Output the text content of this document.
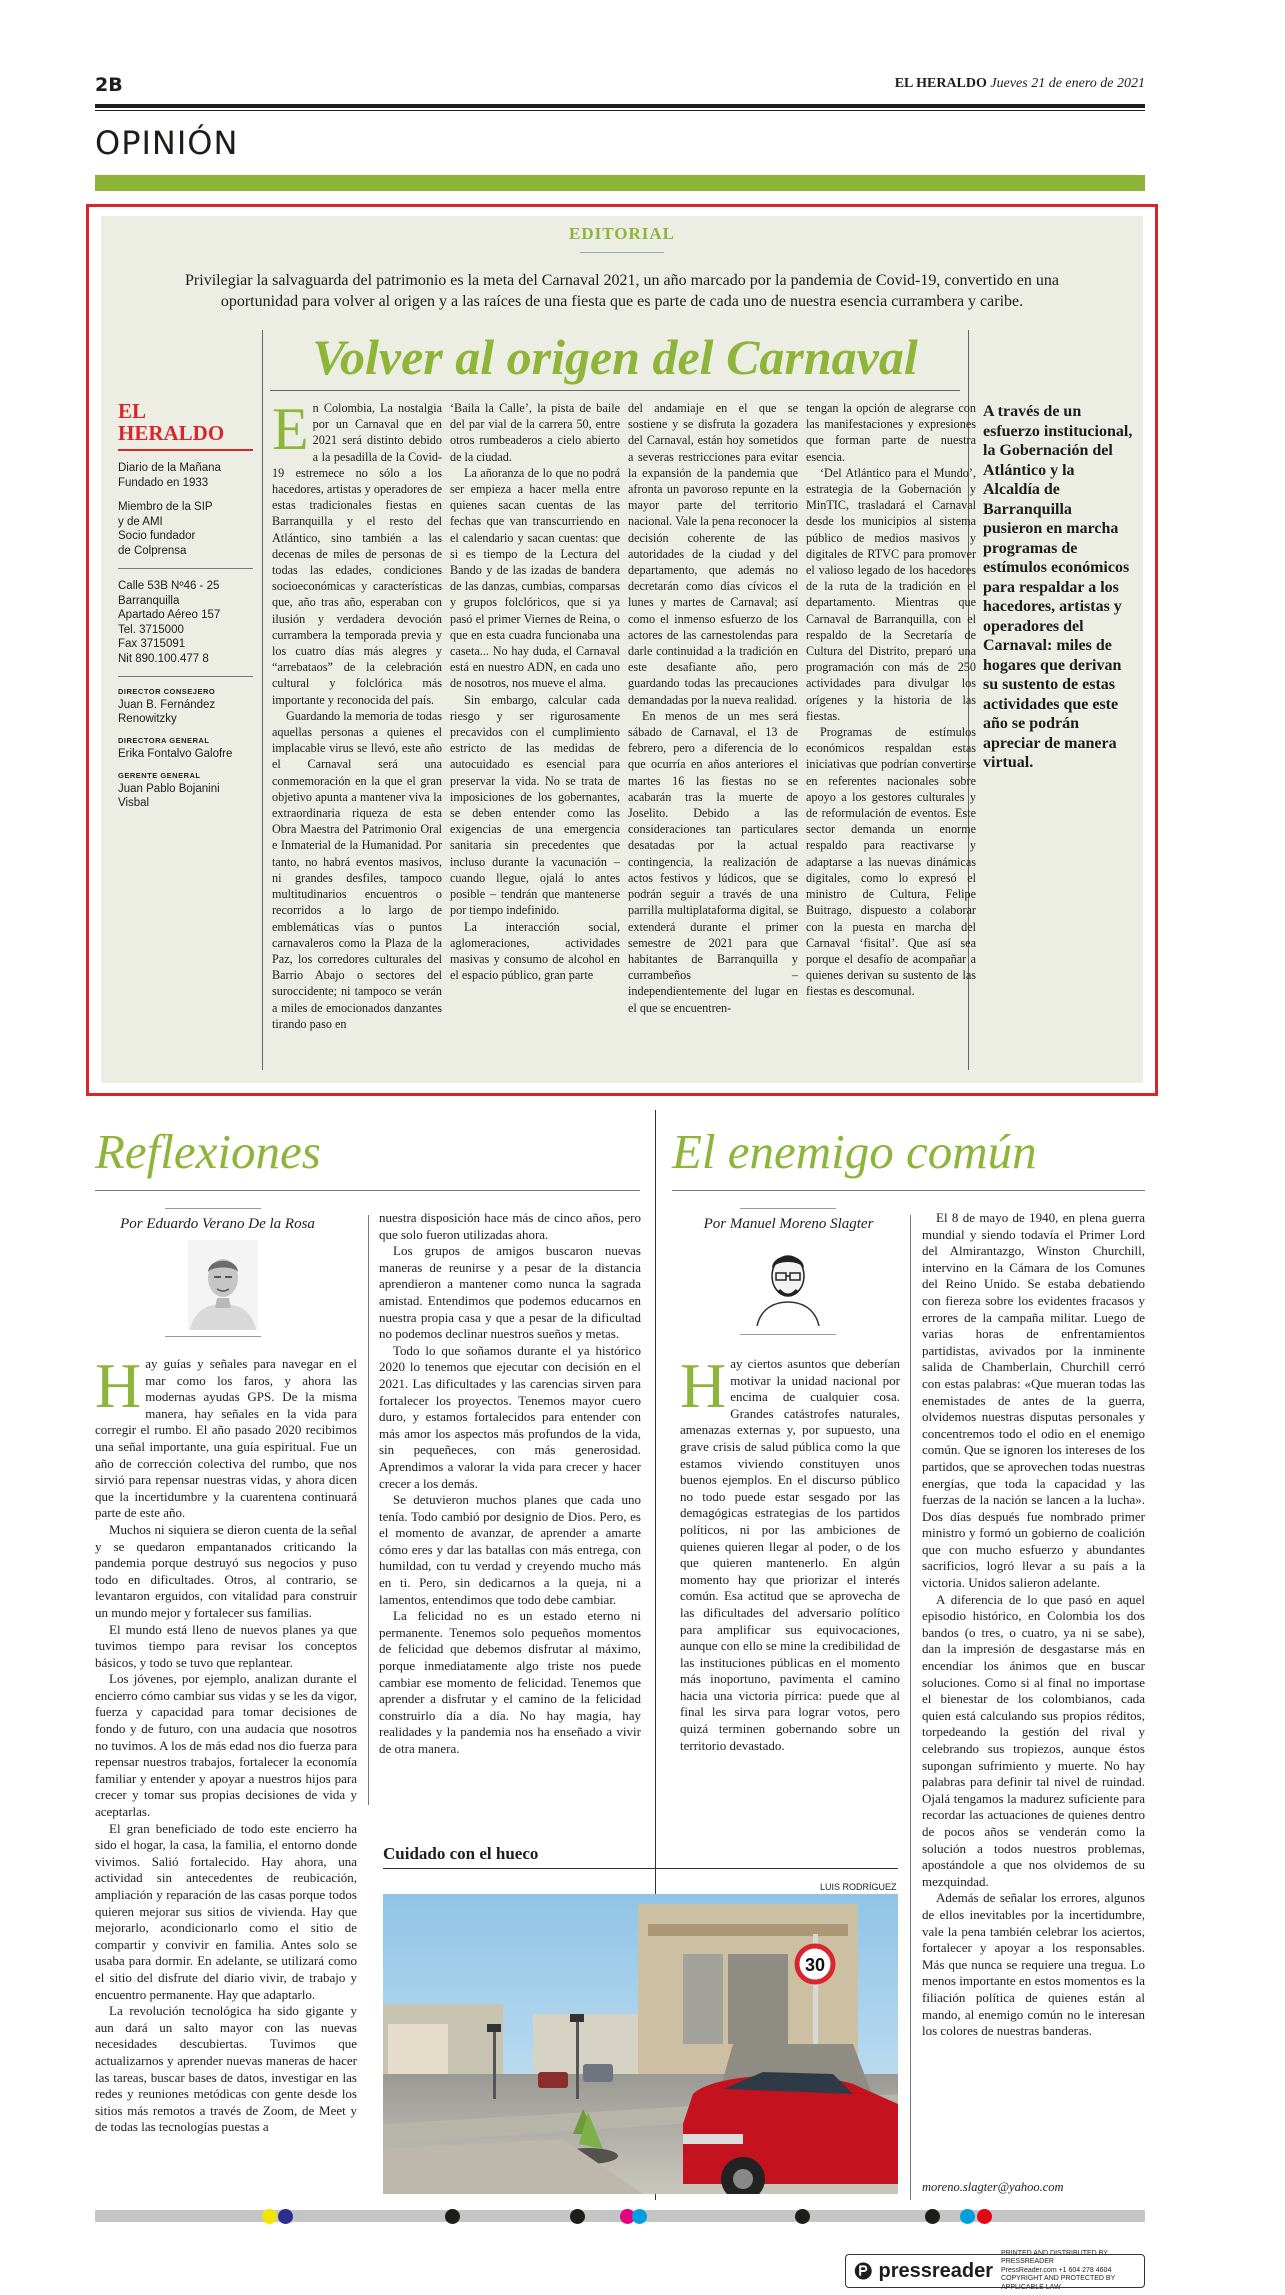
2B	EL HERALDO Jueves 21 de enero de 2021
OPINIÓN
EDITORIAL
Privilegiar la salvaguarda del patrimonio es la meta del Carnaval 2021, un año marcado por la pandemia de Covid-19, convertido en una oportunidad para volver al origen y a las raíces de una fiesta que es parte de cada uno de nuestra esencia currambera y caribe.
Volver al origen del Carnaval
EL HERALDO
Diario de la Mañana
Fundado en 1933
Miembro de la SIP
y de AMI
Socio fundador
de Colprensa
Calle 53B Nº46 - 25
Barranquilla
Apartado Aéreo 157
Tel. 3715000
Fax 3715091
Nit 890.100.477 8
DIRECTOR CONSEJERO
Juan B. Fernández Renowitzky
DIRECTORA GENERAL
Erika Fontalvo Galofre
GERENTE GENERAL
Juan Pablo Bojanini Visbal

En Colombia, La nostalgia por un Carnaval que en 2021 será distinto debido a la pesadilla de la Covid-19 estremece no sólo a los hacedores, artistas y operadores de estas tradicionales fiestas en Barranquilla y el resto del Atlántico, sino también a las decenas de miles de personas de todas las edades, condiciones socioeconómicas y características que, año tras año, esperaban con ilusión y verdadera devoción currambera la temporada previa y los cuatro días más alegres y “arrebataos” de la celebración cultural y folclórica más importante y reconocida del país.

Guardando la memoria de todas aquellas personas a quienes el implacable virus se llevó, este año el Carnaval será una conmemoración en la que el gran objetivo apunta a mantener viva la extraordinaria riqueza de esta Obra Maestra del Patrimonio Oral e Inmaterial de la Humanidad. Por tanto, no habrá eventos masivos, ni grandes desfiles, tampoco multitudinarios encuentros o recorridos a lo largo de emblemáticas vías o puntos carnavaleros como la Plaza de la Paz, los corredores culturales del Barrio Abajo o sectores del suroccidente; ni tampoco se verán a miles de emocionados danzantes tirando paso en

‘Baila la Calle’, la pista de baile del par vial de la carrera 50, entre otros rumbeaderos a cielo abierto de la ciudad.

La añoranza de lo que no podrá ser empieza a hacer mella entre quienes sacan cuentas de las fechas que van transcurriendo en el calendario y sacan cuentas: que si es tiempo de la Lectura del Bando y de las izadas de bandera de las danzas, cumbias, comparsas y grupos folclóricos, que si ya pasó el primer Viernes de Reina, o que en esta cuadra funcionaba una caseta... No hay duda, el Carnaval está en nuestro ADN, en cada uno de nosotros, nos mueve el alma.

Sin embargo, calcular cada riesgo y ser rigurosamente precavidos con el cumplimiento estricto de las medidas de autocuidado es esencial para preservar la vida. No se trata de imposiciones de los gobernantes, se deben entender como las exigencias de una emergencia sanitaria sin precedentes que incluso durante la vacunación – cuando llegue, ojalá lo antes posible – tendrán que mantenerse por tiempo indefinido.

La interacción social, aglomeraciones, actividades masivas y consumo de alcohol en el espacio público, gran parte

del andamiaje en el que se sostiene y se disfruta la gozadera del Carnaval, están hoy sometidos a severas restricciones para evitar la expansión de la pandemia que afronta un pavoroso repunte en la mayor parte del territorio nacional. Vale la pena reconocer la decisión coherente de las autoridades de la ciudad y del departamento, que además no decretarán como días cívicos el lunes y martes de Carnaval; así como el inmenso esfuerzo de los actores de las carnestolendas para darle continuidad a la tradición en este desafiante año, pero guardando todas las precauciones demandadas por la nueva realidad.

En menos de un mes será sábado de Carnaval, el 13 de febrero, pero a diferencia de lo que ocurría en años anteriores el martes 16 las fiestas no se acabarán tras la muerte de Joselito. Debido a las consideraciones tan particulares desatadas por la actual contingencia, la realización de actos festivos y lúdicos, que se podrán seguir a través de una parrilla multiplataforma digital, se extenderá durante el primer semestre de 2021 para que habitantes de Barranquilla y currambeños – independientemente del lugar en el que se encuentren-

tengan la opción de alegrarse con las manifestaciones y expresiones que forman parte de nuestra esencia.

‘Del Atlántico para el Mundo’, estrategia de la Gobernación y MinTIC, trasladará el Carnaval desde los municipios al sistema público de medios masivos y digitales de RTVC para promover el valioso legado de los hacedores de la ruta de la tradición en el departamento. Mientras que Carnaval de Barranquilla, con el respaldo de la Secretaría de Cultura del Distrito, preparó una programación con más de 250 actividades para divulgar los orígenes y la historia de las fiestas.

Programas de estímulos económicos respaldan estas iniciativas que podrían convertirse en referentes nacionales sobre apoyo a los gestores culturales y de reformulación de eventos. Este sector demanda un enorme respaldo para reactivarse y adaptarse a las nuevas dinámicas digitales, como lo expresó el ministro de Cultura, Felipe Buitrago, dispuesto a colaborar con la puesta en marcha del Carnaval ‘fisital’. Que así sea porque el desafío de acompañar a quienes derivan su sustento de las fiestas es descomunal.

A través de un esfuerzo institucional, la Gobernación del Atlántico y la Alcaldía de Barranquilla pusieron en marcha programas de estímulos económicos para respaldar a los hacedores, artistas y operadores del Carnaval: miles de hogares que derivan su sustento de estas actividades que este año se podrán apreciar de manera virtual.
Reflexiones
Por Eduardo Verano De la Rosa

Hay guías y señales para navegar en el mar como los faros, y ahora las modernas ayudas GPS. De la misma manera, hay señales en la vida para corregir el rumbo. El año pasado 2020 recibimos una señal importante, una guía espiritual. Fue un año de corrección colectiva del rumbo, que nos sirvió para repensar nuestras vidas, y ahora dicen que la incertidumbre y la cuarentena continuará parte de este año.

Muchos ni siquiera se dieron cuenta de la señal y se quedaron empantanados criticando la pandemia porque destruyó sus negocios y puso todo en dificultades. Otros, al contrario, se levantaron erguidos, con vitalidad para construir un mundo mejor y fortalecer sus familias.

El mundo está lleno de nuevos planes ya que tuvimos tiempo para revisar los conceptos básicos, y todo se tuvo que replantear.

Los jóvenes, por ejemplo, analizan durante el encierro cómo cambiar sus vidas y se les da vigor, fuerza y capacidad para tomar decisiones de fondo y de futuro, con una audacia que nosotros no tuvimos. A los de más edad nos dio fuerza para repensar nuestros trabajos, fortalecer la economía familiar y entender y apoyar a nuestros hijos para crecer y tomar sus propias decisiones de vida y aceptarlas.

El gran beneficiado de todo este encierro ha sido el hogar, la casa, la familia, el entorno donde vivimos. Salió fortalecido. Hay ahora, una actividad sin antecedentes de reubicación, ampliación y reparación de las casas porque todos quieren mejorar sus sitios de vivienda. Hay que mejorarlo, acondicionarlo como el sitio de compartir y convivir en familia. Antes solo se usaba para dormir. En adelante, se utilizará como el sitio del disfrute del diario vivir, de trabajo y encuentro permanente. Hay que adaptarlo.

La revolución tecnológica ha sido gigante y aun dará un salto mayor con las nuevas necesidades descubiertas. Tuvimos que actualizarnos y aprender nuevas maneras de hacer las tareas, buscar bases de datos, investigar en las redes y reuniones metódicas con gente desde los sitios más remotos a través de Zoom, de Meet y de todas las tecnologías puestas a

nuestra disposición hace más de cinco años, pero que solo fueron utilizadas ahora.

Los grupos de amigos buscaron nuevas maneras de reunirse y a pesar de la distancia aprendieron a mantener como nunca la sagrada amistad. Entendimos que podemos educarnos en nuestra propia casa y que a pesar de la dificultad no podemos declinar nuestros sueños y metas.

Todo lo que soñamos durante el ya histórico 2020 lo tenemos que ejecutar con decisión en el 2021. Las dificultades y las carencias sirven para fortalecer los proyectos. Tenemos mayor cuero duro, y estamos fortalecidos para entender con más amor los aspectos más profundos de la vida, sin pequeñeces, con más generosidad. Aprendimos a valorar la vida para crecer y hacer crecer a los demás.

Se detuvieron muchos planes que cada uno tenía. Todo cambió por designio de Dios. Pero, es el momento de avanzar, de aprender a amarte cómo eres y dar las batallas con más entrega, con humildad, con tu verdad y creyendo mucho más en ti. Pero, sin dedicarnos a la queja, ni a lamentos, entendimos que todo debe cambiar.

La felicidad no es un estado eterno ni permanente. Tenemos solo pequeños momentos de felicidad que debemos disfrutar al máximo, porque inmediatamente algo triste nos puede cambiar ese momento de felicidad. Tenemos que aprender a disfrutar y el camino de la felicidad construirlo día a día. No hay magia, hay realidades y la pandemia nos ha enseñado a vivir de otra manera.

Cuidado con el hueco
LUIS RODRÍGUEZ
30
El enemigo común
Por Manuel Moreno Slagter

Hay ciertos asuntos que deberían motivar la unidad nacional por encima de cualquier cosa. Grandes catástrofes naturales, amenazas externas y, por supuesto, una grave crisis de salud pública como la que estamos viviendo constituyen unos buenos ejemplos. En el discurso público no todo puede estar sesgado por las demagógicas estrategias de los partidos políticos, ni por las ambiciones de quienes quieren llegar al poder, o de los que quieren mantenerlo. En algún momento hay que priorizar el interés común. Esa actitud que se aprovecha de las dificultades del adversario político para amplificar sus equivocaciones, aunque con ello se mine la credibilidad de las instituciones públicas en el momento más inoportuno, pavimenta el camino hacia una victoria pírrica: puede que al final les sirva para lograr votos, pero quizá terminen gobernando sobre un territorio devastado.

El 8 de mayo de 1940, en plena guerra mundial y siendo todavía el Primer Lord del Almirantazgo, Winston Churchill, intervino en la Cámara de los Comunes del Reino Unido. Se estaba debatiendo con fiereza sobre los evidentes fracasos y errores de la campaña militar. Luego de varias horas de enfrentamientos partidistas, avivados por la inminente salida de Chamberlain, Churchill cerró con estas palabras: «Que mueran todas las enemistades de antes de la guerra, olvidemos nuestras disputas personales y concentremos todo el odio en el enemigo común. Que se ignoren los intereses de los partidos, que se aprovechen todas nuestras energías, que toda la capacidad y las fuerzas de la nación se lancen a la lucha». Dos días después fue nombrado primer ministro y formó un gobierno de coalición que con mucho esfuerzo y abundantes sacrificios, logró llevar a su país a la victoria. Unidos salieron adelante.

A diferencia de lo que pasó en aquel episodio histórico, en Colombia los dos bandos (o tres, o cuatro, ya ni se sabe), dan la impresión de desgastarse más en encendiar los ánimos que en buscar soluciones. Como si al final no importase el bienestar de los colombianos, cada quien está calculando sus propios réditos, torpedeando la gestión del rival y celebrando sus tropiezos, aunque éstos supongan sufrimiento y muerte. No hay palabras para definir tal nivel de ruindad. Ojalá tengamos la madurez suficiente para recordar las actuaciones de quienes dentro de pocos años se venderán como la solución a todos nuestros problemas, apostándole a que nos olvidemos de su mezquindad.

Además de señalar los errores, algunos de ellos inevitables por la incertidumbre, vale la pena también celebrar los aciertos, fortalecer y apoyar a los responsables. Más que nunca se requiere una tregua. Lo menos importante en estos momentos es la filiación política de quienes están al mando, al enemigo común no le interesan los colores de nuestras banderas.

moreno.slagter@yahoo.com
pressreader
PRINTED AND DISTRIBUTED BY PRESSREADER
PressReader.com +1 604 278 4604
COPYRIGHT AND PROTECTED BY APPLICABLE LAW
